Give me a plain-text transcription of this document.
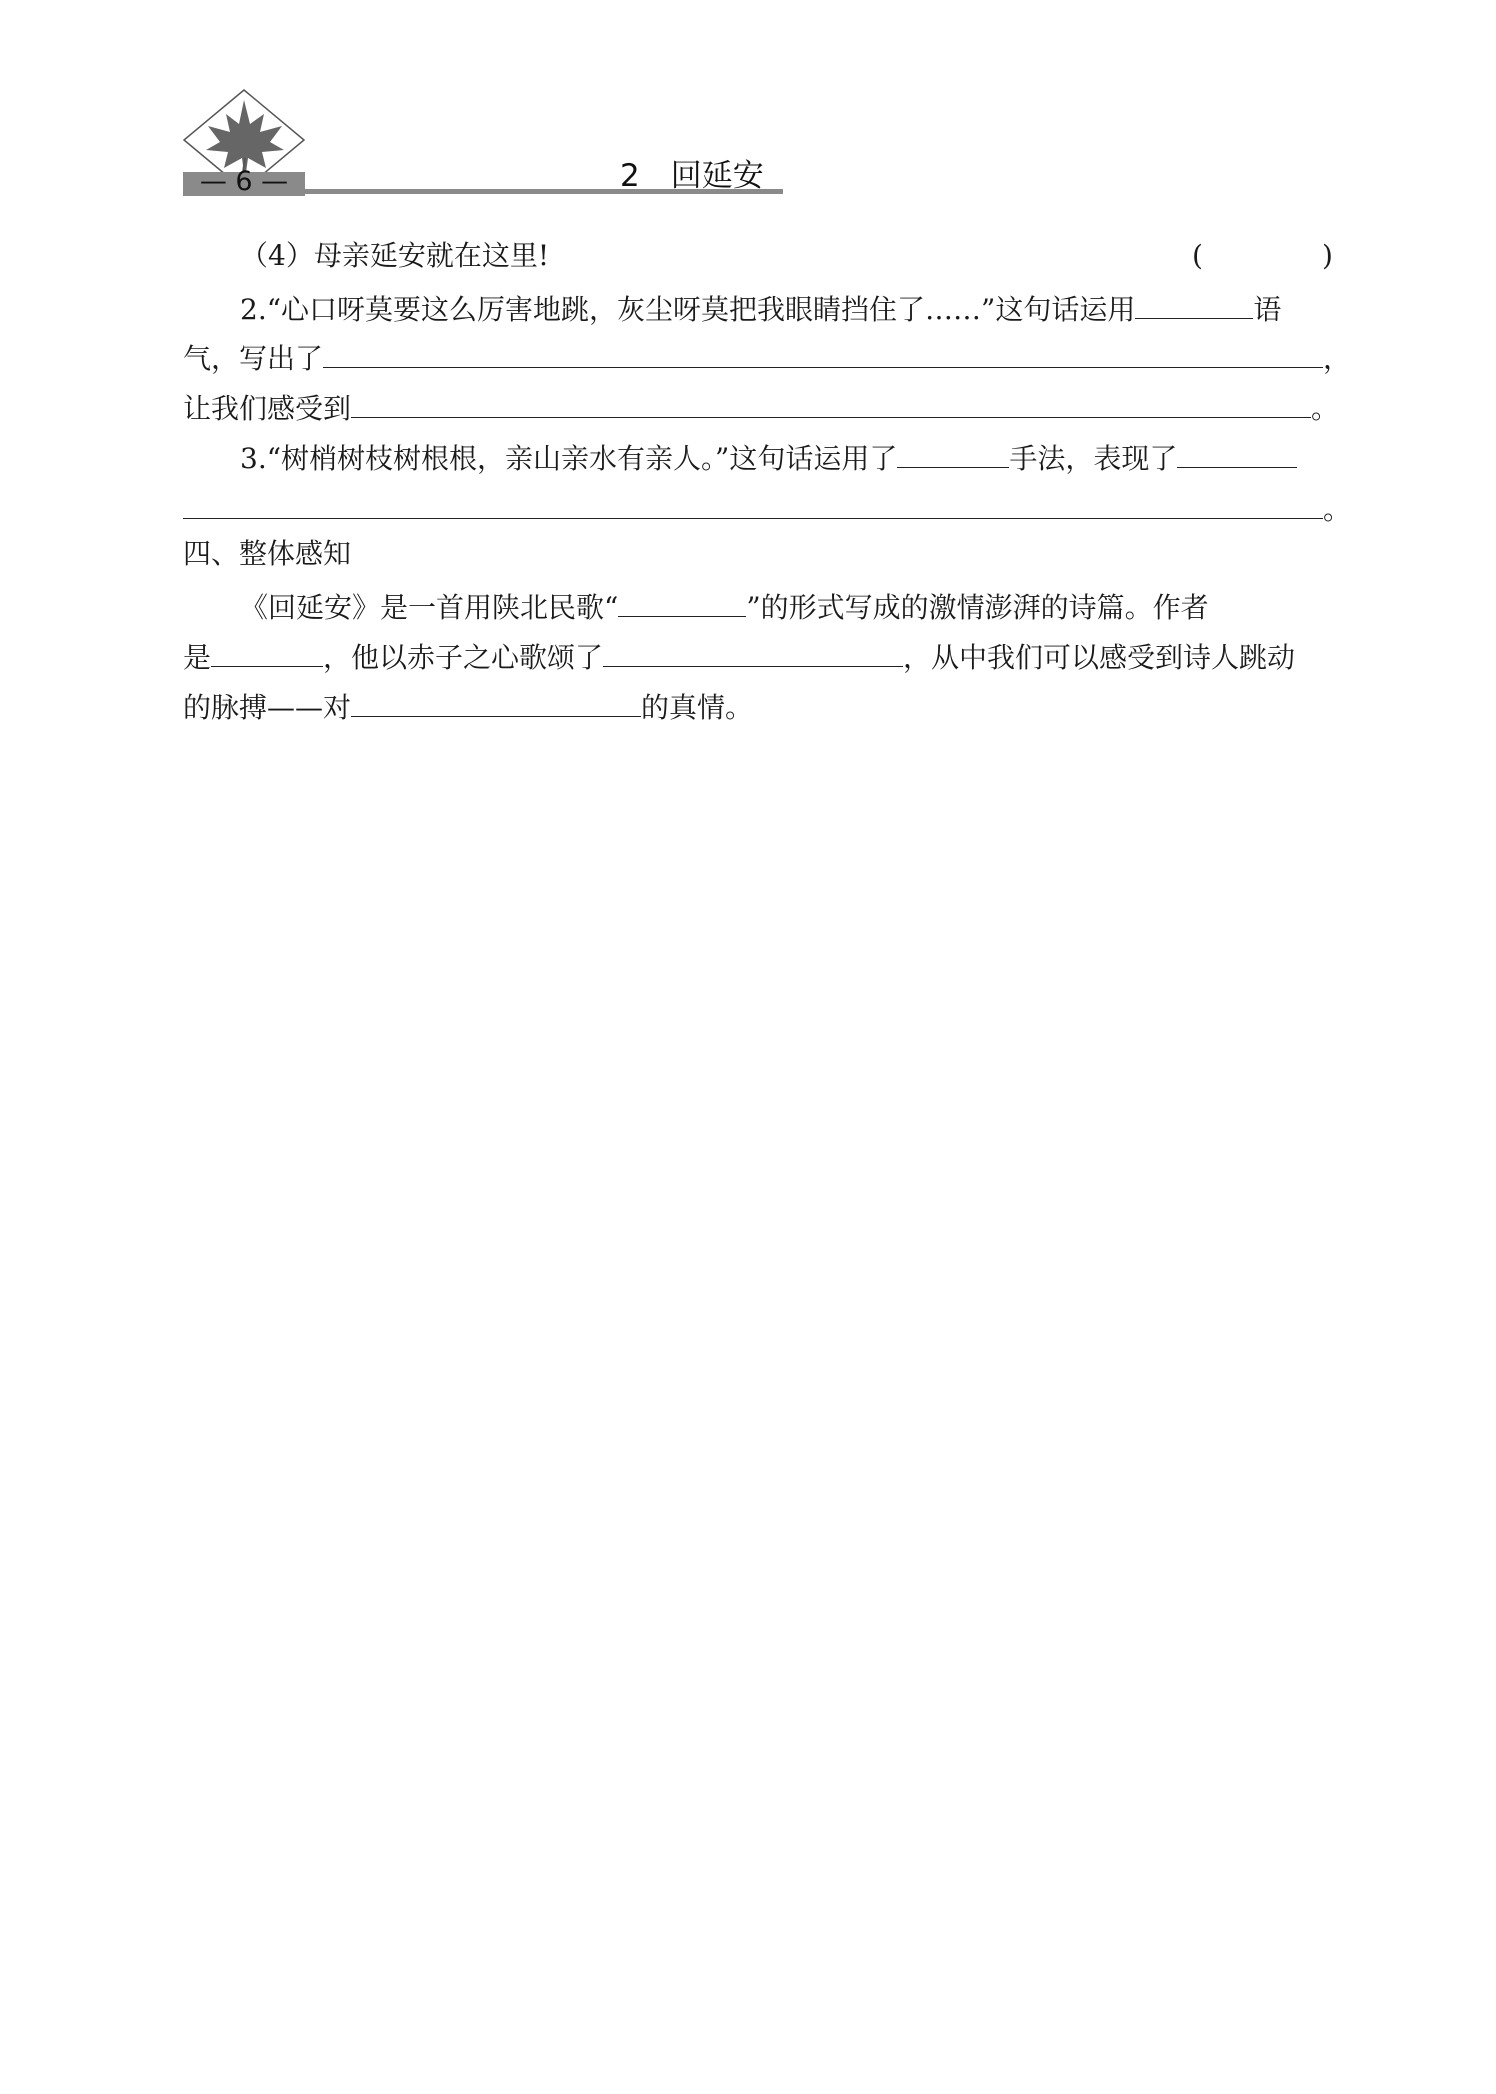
— 6 —	2　回延安
（4）母亲延安就在这里!	(	)
2.“心口呀莫要这么厉害地跳，灰尘呀莫把我眼睛挡住了……”这句话运用	语
气，写出了	，
让我们感受到	。
3.“树梢树枝树根根，亲山亲水有亲人。”这句话运用了	手法，表现了
。
四、整体感知
《回延安》是一首用陕北民歌“	”的形式写成的激情澎湃的诗篇。作者
是	，他以赤子之心歌颂了	，从中我们可以感受到诗人跳动
的脉搏——对	的真情。
